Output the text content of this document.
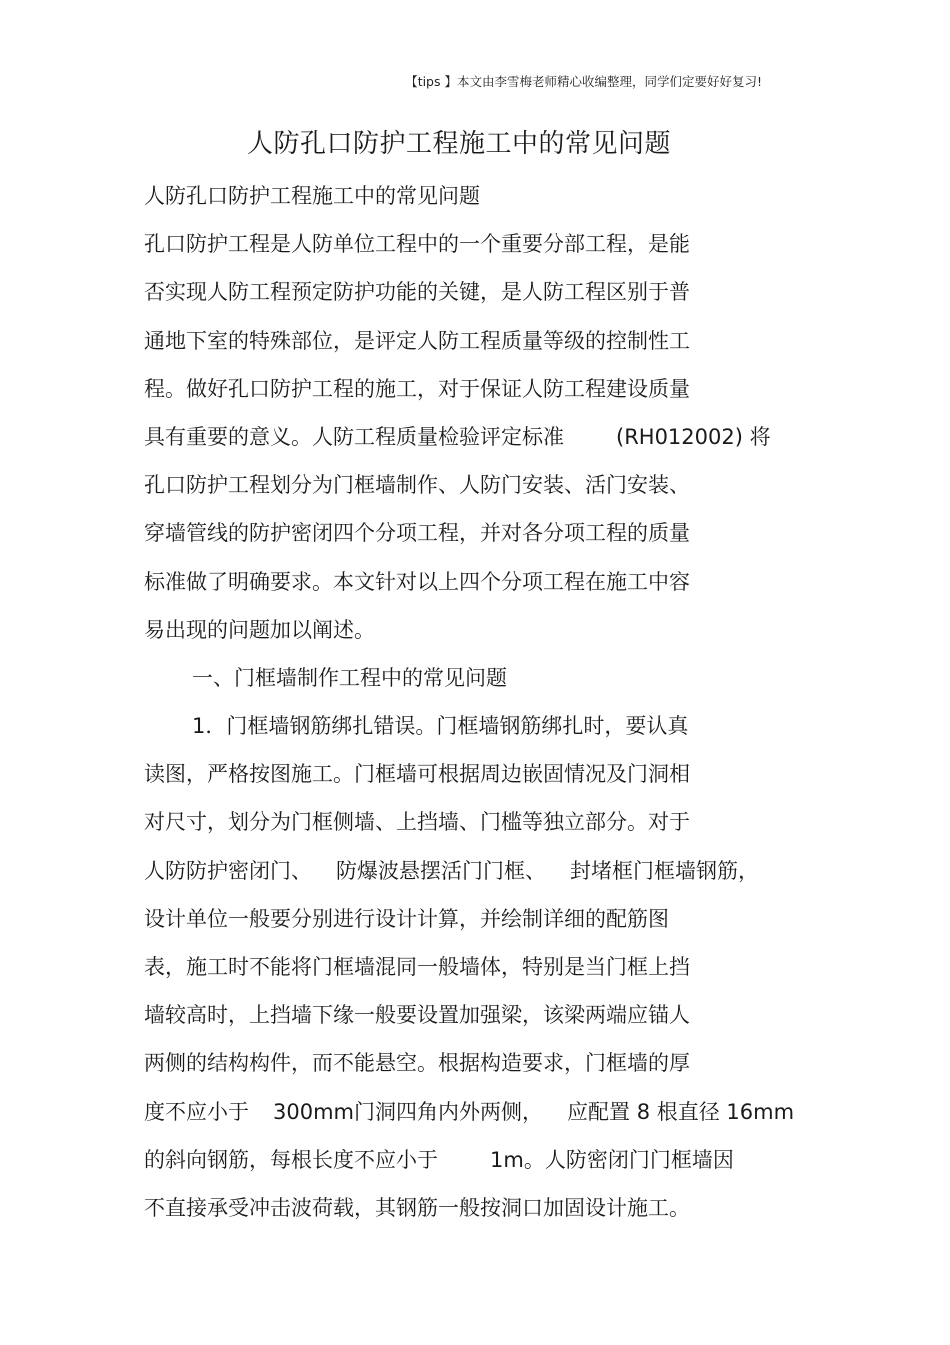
【tips 】本文由李雪梅老师精心收编整理，同学们定要好好复习!
人防孔口防护工程施工中的常见问题
人防孔口防护工程施工中的常见问题
孔口防护工程是人防单位工程中的一个重要分部工程，是能
否实现人防工程预定防护功能的关键，是人防工程区别于普
通地下室的特殊部位，是评定人防工程质量等级的控制性工
程。做好孔口防护工程的施工，对于保证人防工程建设质量
具有重要的意义。人防工程质量检验评定标准 (RH012002) 将
孔口防护工程划分为门框墙制作、人防门安装、活门安装、
穿墙管线的防护密闭四个分项工程，并对各分项工程的质量
标准做了明确要求。本文针对以上四个分项工程在施工中容
易出现的问题加以阐述。
一、门框墙制作工程中的常见问题
1．门框墙钢筋绑扎错误。门框墙钢筋绑扎时，要认真
读图，严格按图施工。门框墙可根据周边嵌固情况及门洞相
对尺寸，划分为门框侧墙、上挡墙、门槛等独立部分。对于
人防防护密闭门、 防爆波悬摆活门门框、 封堵框门框墙钢筋，
设计单位一般要分别进行设计计算，并绘制详细的配筋图
表，施工时不能将门框墙混同一般墙体，特别是当门框上挡
墙较高时，上挡墙下缘一般要设置加强梁，该梁两端应锚人
两侧的结构构件，而不能悬空。根据构造要求，门框墙的厚
度不应小于 300mm门洞四角内外两侧， 应配置 8 根直径 16mm
的斜向钢筋，每根长度不应小于 1m。人防密闭门门框墙因
不直接承受冲击波荷载，其钢筋一般按洞口加固设计施工。
